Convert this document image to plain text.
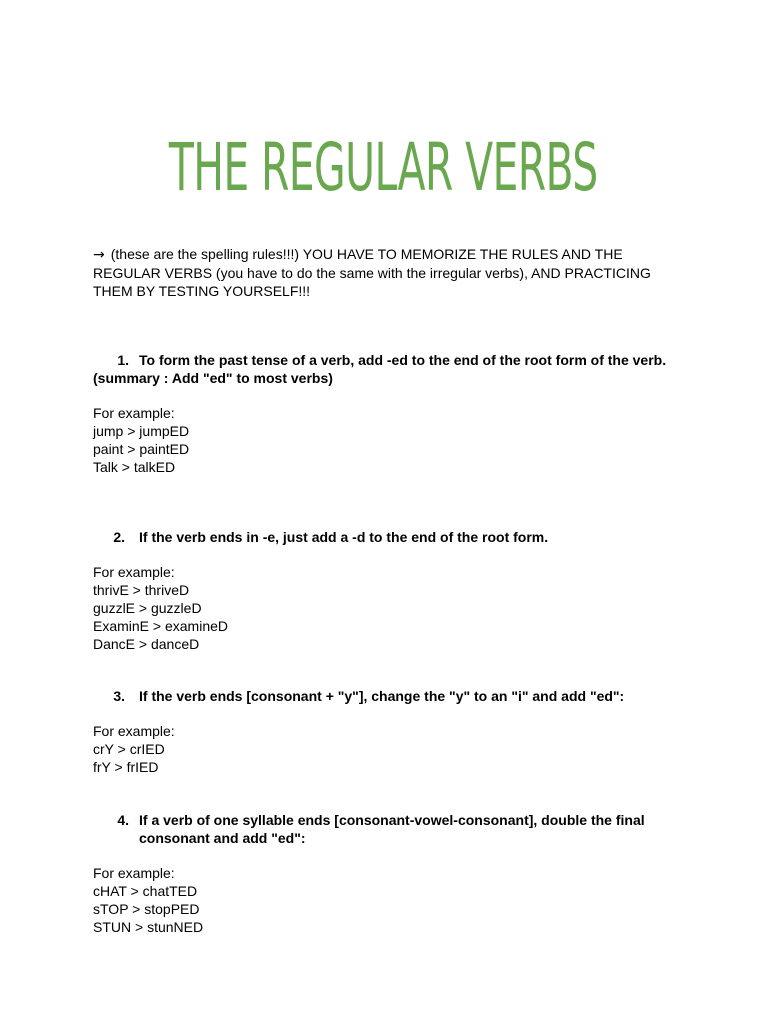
THE REGULAR VERBS
→ (these are the spelling rules!!!) YOU HAVE TO MEMORIZE THE RULES AND THE REGULAR VERBS (you have to do the same with the irregular verbs), AND PRACTICING THEM BY TESTING YOURSELF!!!
1. To form the past tense of a verb, add -ed to the end of the root form of the verb.
(summary : Add "ed" to most verbs)
For example:
jump > jumpED
paint > paintED
Talk > talkED
2. If the verb ends in -e, just add a -d to the end of the root form.
For example:
thrivE > thriveD
guzzlE > guzzleD
ExaminE > examineD
DancE > danceD
3. If the verb ends [consonant + "y"], change the "y" to an "i" and add "ed":
For example:
crY > crIED
frY > frIED
4. If a verb of one syllable ends [consonant-vowel-consonant], double the final
consonant and add "ed":
For example:
cHAT > chatTED
sTOP > stopPED
STUN > stunNED
